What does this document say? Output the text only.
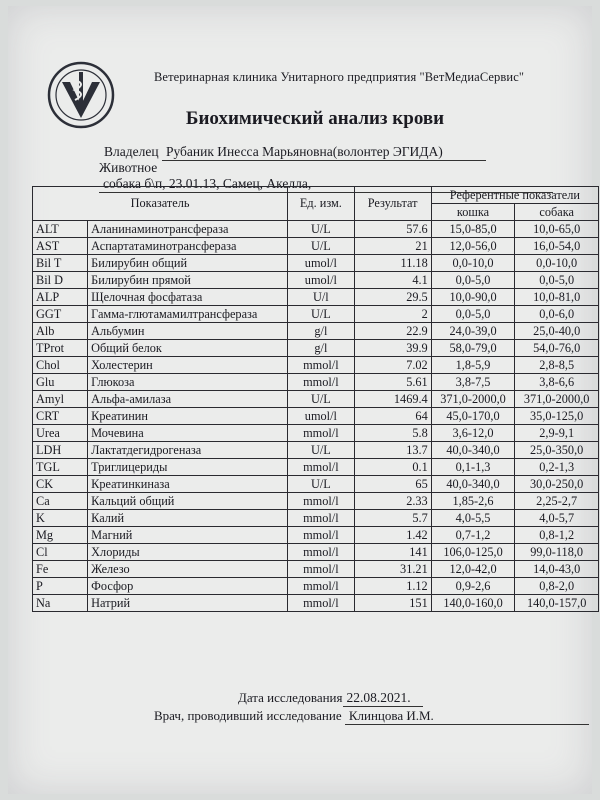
Ветеринарная клиника Унитарного предприятия "ВетМедиаСервис"
Биохимический анализ крови
Владелец Рубаник Инесса Марьяновна(волонтер ЭГИДА)
Животное собака б\п, 23.01.13, Самец, Акелла,
Показатель		Ед. изм.	Результат	Референтные показатели	
				кошка	собака
ALT	Аланинаминотрансфераза	U/L	57.6	15,0-85,0	10,0-65,0
AST	Аспартатаминотрансфераза	U/L	21	12,0-56,0	16,0-54,0
Bil T	Билирубин общий	umol/l	11.18	0,0-10,0	0,0-10,0
Bil D	Билирубин прямой	umol/l	4.1	0,0-5,0	0,0-5,0
ALP	Щелочная фосфатаза	U/l	29.5	10,0-90,0	10,0-81,0
GGT	Гамма-глютамамилтрансфераза	U/L	2	0,0-5,0	0,0-6,0
Alb	Альбумин	g/l	22.9	24,0-39,0	25,0-40,0
TProt	Общий белок	g/l	39.9	58,0-79,0	54,0-76,0
Chol	Холестерин	mmol/l	7.02	1,8-5,9	2,8-8,5
Glu	Глюкоза	mmol/l	5.61	3,8-7,5	3,8-6,6
Amyl	Альфа-амилаза	U/L	1469.4	371,0-2000,0	371,0-2000,0
CRT	Креатинин	umol/l	64	45,0-170,0	35,0-125,0
Urea	Мочевина	mmol/l	5.8	3,6-12,0	2,9-9,1
LDH	Лактатдегидрогеназа	U/L	13.7	40,0-340,0	25,0-350,0
TGL	Триглицериды	mmol/l	0.1	0,1-1,3	0,2-1,3
CK	Креатинкиназа	U/L	65	40,0-340,0	30,0-250,0
Ca	Кальций общий	mmol/l	2.33	1,85-2,6	2,25-2,7
K	Калий	mmol/l	5.7	4,0-5,5	4,0-5,7
Mg	Магний	mmol/l	1.42	0,7-1,2	0,8-1,2
Cl	Хлориды	mmol/l	141	106,0-125,0	99,0-118,0
Fe	Железо	mmol/l	31.21	12,0-42,0	14,0-43,0
P	Фосфор	mmol/l	1.12	0,9-2,6	0,8-2,0
Na	Натрий	mmol/l	151	140,0-160,0	140,0-157,0
Дата исследования 22.08.2021.
Врач, проводивший исследование Клинцова И.М.
